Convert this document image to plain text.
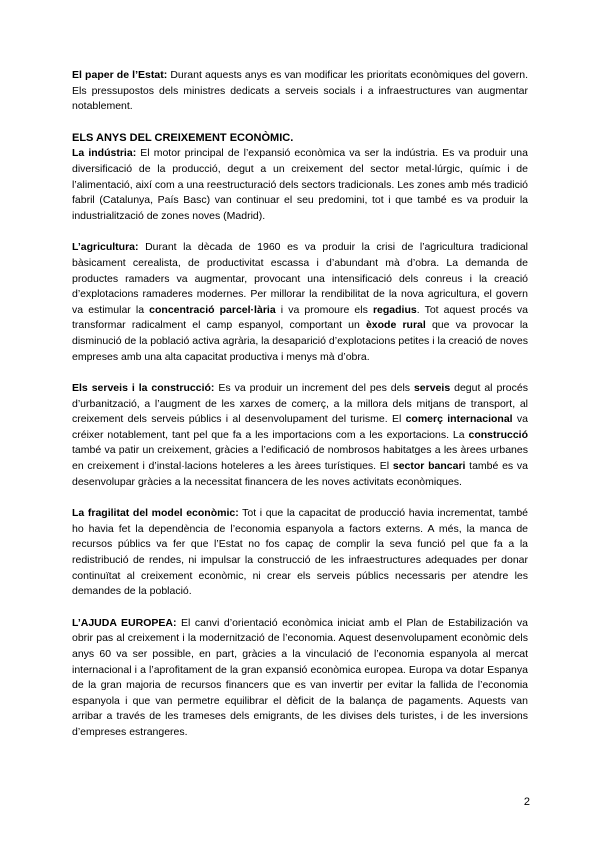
El paper de l’Estat: Durant aquests anys es van modificar les prioritats econòmiques del govern. Els pressupostos dels ministres dedicats a serveis socials i a infraestructures van augmentar notablement.

ELS ANYS DEL CREIXEMENT ECONÒMIC.

La indústria: El motor principal de l’expansió econòmica va ser la indústria. Es va produir una diversificació de la producció, degut a un creixement del sector metal·lúrgic, químic i de l’alimentació, així com a una reestructuració dels sectors tradicionals. Les zones amb més tradició fabril (Catalunya, País Basc) van continuar el seu predomini, tot i que també es va produir la industrialització de zones noves (Madrid).

L’agricultura: Durant la dècada de 1960 es va produir la crisi de l’agricultura tradicional bàsicament cerealista, de productivitat escassa i d’abundant mà d’obra. La demanda de productes ramaders va augmentar, provocant una intensificació dels conreus i la creació d’explotacions ramaderes modernes. Per millorar la rendibilitat de la nova agricultura, el govern va estimular la concentració parcel·lària i va promoure els regadius. Tot aquest procés va transformar radicalment el camp espanyol, comportant un èxode rural que va provocar la disminució de la població activa agrària, la desaparició d’explotacions petites i la creació de noves empreses amb una alta capacitat productiva i menys mà d’obra.

Els serveis i la construcció: Es va produir un increment del pes dels serveis degut al procés d’urbanització, a l’augment de les xarxes de comerç, a la millora dels mitjans de transport, al creixement dels serveis públics i al desenvolupament del turisme. El comerç internacional va créixer notablement, tant pel que fa a les importacions com a les exportacions. La construcció també va patir un creixement, gràcies a l’edificació de nombrosos habitatges a les àrees urbanes en creixement i d’instal·lacions hoteleres a les àrees turístiques. El sector bancari també es va desenvolupar gràcies a la necessitat financera de les noves activitats econòmiques.

La fragilitat del model econòmic: Tot i que la capacitat de producció havia incrementat, també ho havia fet la dependència de l’economia espanyola a factors externs. A més, la manca de recursos públics va fer que l’Estat no fos capaç de complir la seva funció pel que fa a la redistribució de rendes, ni impulsar la construcció de les infraestructures adequades per donar continuïtat al creixement econòmic, ni crear els serveis públics necessaris per atendre les demandes de la població.

L’AJUDA EUROPEA: El canvi d’orientació econòmica iniciat amb el Plan de Estabilización va obrir pas al creixement i la modernització de l’economia. Aquest desenvolupament econòmic dels anys 60 va ser possible, en part, gràcies a la vinculació de l’economia espanyola al mercat internacional i a l’aprofitament de la gran expansió econòmica europea. Europa va dotar Espanya de la gran majoria de recursos financers que es van invertir per evitar la fallida de l’economia espanyola i que van permetre equilibrar el dèficit de la balança de pagaments. Aquests van arribar a través de les trameses dels emigrants, de les divises dels turistes, i de les inversions d’empreses estrangeres.

2
